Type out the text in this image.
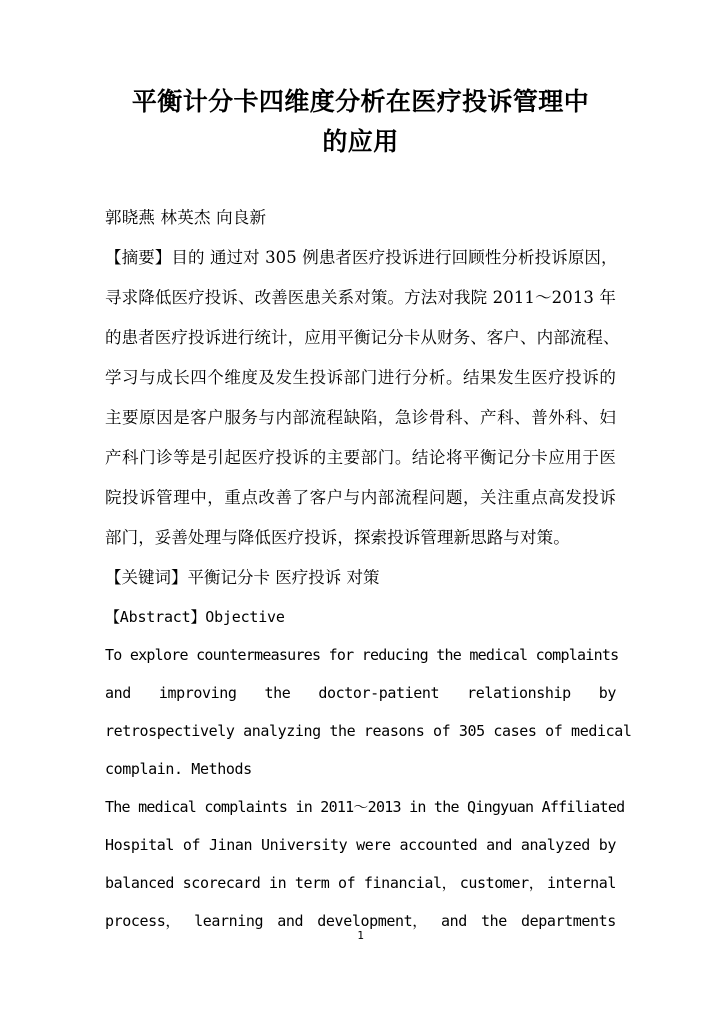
平衡计分卡四维度分析在医疗投诉管理中
的应用
郭晓燕 林英杰 向良新
【摘要】目的 通过对 305 例患者医疗投诉进行回顾性分析投诉原因，
寻求降低医疗投诉、改善医患关系对策。方法对我院 2011～2013 年
的患者医疗投诉进行统计，应用平衡记分卡从财务、客户、内部流程、
学习与成长四个维度及发生投诉部门进行分析。结果发生医疗投诉的
主要原因是客户服务与内部流程缺陷，急诊骨科、产科、普外科、妇
产科门诊等是引起医疗投诉的主要部门。结论将平衡记分卡应用于医
院投诉管理中，重点改善了客户与内部流程问题，关注重点高发投诉
部门，妥善处理与降低医疗投诉，探索投诉管理新思路与对策。
【关键词】平衡记分卡 医疗投诉 对策
【Abstract】Objective
To explore countermeasures for reducing the medical complaints
and improving the doctor-patient relationship by
retrospectively analyzing the reasons of 305 cases of medical
complain. Methods
The medical complaints in 2011～2013 in the Qingyuan Affiliated
Hospital of Jinan University were accounted and analyzed by
balanced scorecard in term of financial， customer， internal
process， learning and development， and the departments
1
